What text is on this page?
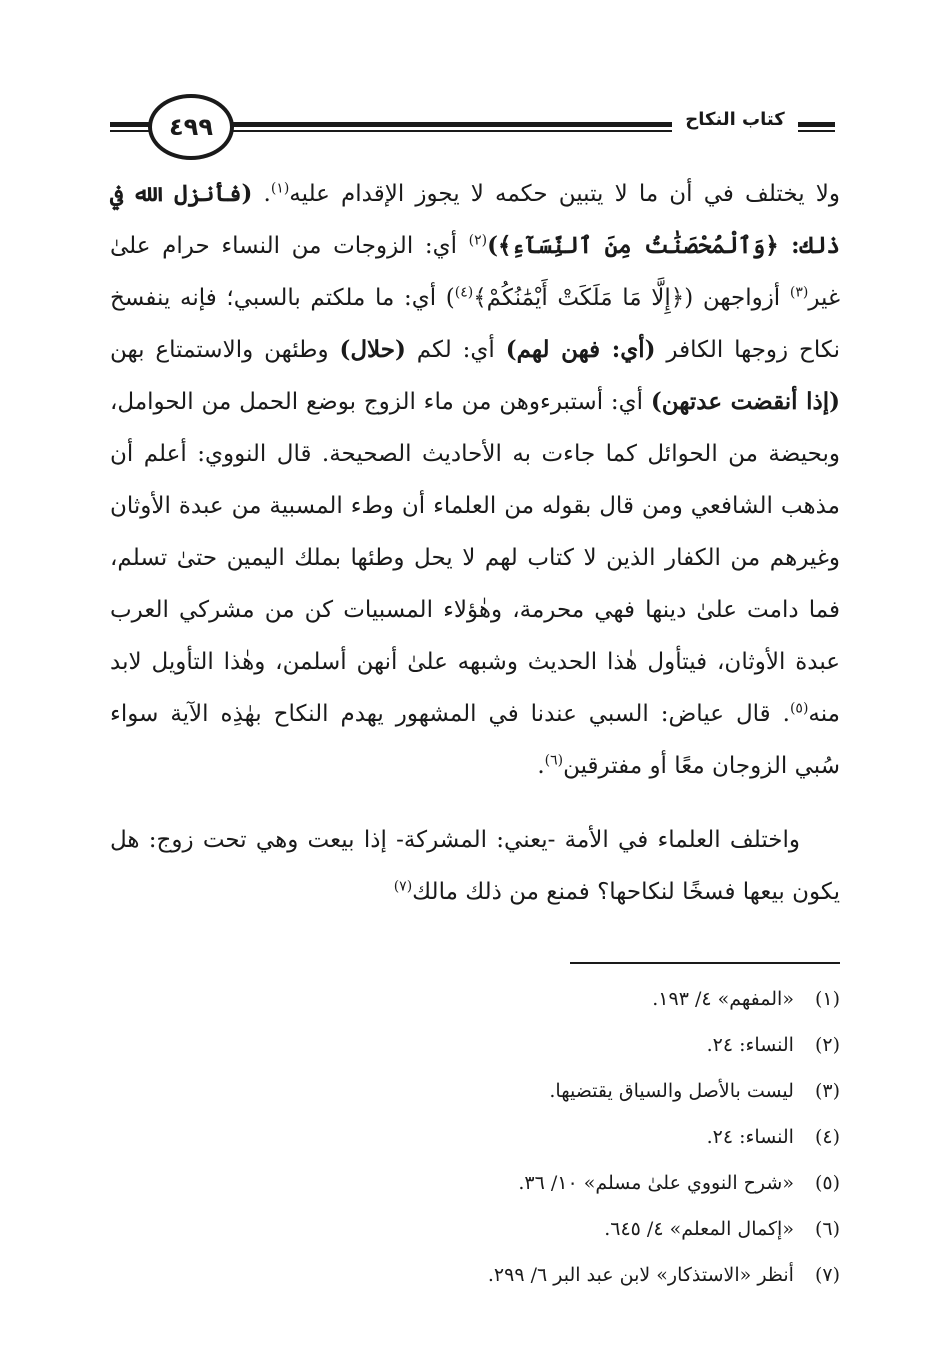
٤٩٩	كتاب النكاح

ولا يختلف في أن ما لا يتبين حكمه لا يجوز الإقدام عليه$^{(١)}$. (فأنزل الله في ذلك: ﴿وَٱلْمُحْصَنَٰتُ مِنَ ٱلنِّسَآءِ﴾)$^{(٢)}$ أي: الزوجات من النساء حرام علىٰ غير$^{(٣)}$ أزواجهن (﴿إِلَّا مَا مَلَكَتْ أَيْمَٰنُكُمْ﴾$^{(٤)}$) أي: ما ملكتم بالسبي؛ فإنه ينفسخ نكاح زوجها الكافر (أي: فهن لهم) أي: لكم (حلال) وطئهن والاستمتاع بهن (إذا أنقضت عدتهن) أي: أستبرءوهن من ماء الزوج بوضع الحمل من الحوامل، وبحيضة من الحوائل كما جاءت به الأحاديث الصحيحة. قال النووي: أعلم أن مذهب الشافعي ومن قال بقوله من العلماء أن وطء المسبية من عبدة الأوثان وغيرهم من الكفار الذين لا كتاب لهم لا يحل وطئها بملك اليمين حتىٰ تسلم، فما دامت علىٰ دينها فهي محرمة، وهٰؤلاء المسبيات كن من مشركي العرب عبدة الأوثان، فيتأول هٰذا الحديث وشبهه علىٰ أنهن أسلمن، وهٰذا التأويل لابد منه$^{(٥)}$. قال عياض: السبي عندنا في المشهور يهدم النكاح بهٰذِه الآية سواء سُبي الزوجان معًا أو مفترقين$^{(٦)}$.

واختلف العلماء في الأمة -يعني: المشركة- إذا بيعت وهي تحت زوج: هل يكون بيعها فسخًا لنكاحها؟ فمنع من ذلك مالك$^{(٧)}$

(١) «المفهم» ٤/ ١٩٣.
(٢) النساء: ٢٤.
(٣) ليست بالأصل والسياق يقتضيها.
(٤) النساء: ٢٤.
(٥) «شرح النووي علىٰ مسلم» ١٠/ ٣٦.
(٦) «إكمال المعلم» ٤/ ٦٤٥.
(٧) أنظر «الاستذكار» لابن عبد البر ٦/ ٢٩٩.
